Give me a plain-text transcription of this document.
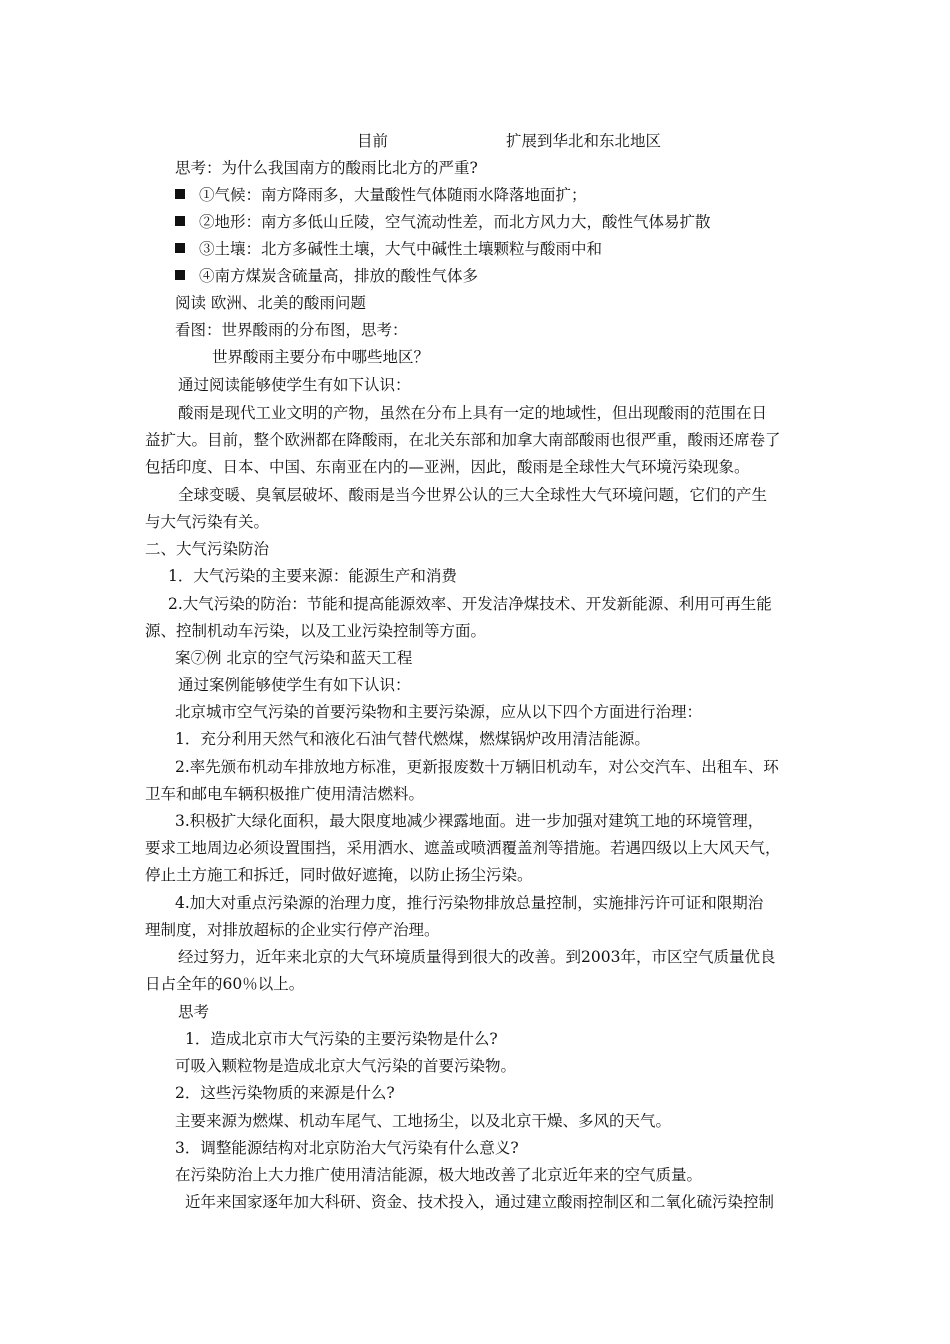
目前	扩展到华北和东北地区
思考：为什么我国南方的酸雨比北方的严重?
①气候：南方降雨多，大量酸性气体随雨水降落地面扩；
②地形：南方多低山丘陵，空气流动性差，而北方风力大，酸性气体易扩散
③土壤：北方多碱性土壤，大气中碱性土壤颗粒与酸雨中和
④南方煤炭含硫量高，排放的酸性气体多
阅读 欧洲、北美的酸雨问题
看图：世界酸雨的分布图，思考：
世界酸雨主要分布中哪些地区？
通过阅读能够使学生有如下认识：
酸雨是现代工业文明的产物，虽然在分布上具有一定的地域性，但出现酸雨的范围在日
益扩大。目前，整个欧洲都在降酸雨，在北关东部和加拿大南部酸雨也很严重，酸雨还席卷了
包括印度、日本、中国、东南亚在内的—亚洲，因此，酸雨是全球性大气环境污染现象。
全球变暖、臭氧层破坏、酸雨是当今世界公认的三大全球性大气环境问题，它们的产生
与大气污染有关。
二、大气污染防治
1．大气污染的主要来源：能源生产和消费
2.大气污染的防治：节能和提高能源效率、开发洁净煤技术、开发新能源、利用可再生能
源、控制机动车污染，以及工业污染控制等方面。
案⑦例 北京的空气污染和蓝天工程
通过案例能够使学生有如下认识：
北京城市空气污染的首要污染物和主要污染源，应从以下四个方面进行治理：
1．充分利用天然气和液化石油气替代燃煤，燃煤锅炉改用清洁能源。
2.率先颁布机动车排放地方标准，更新报废数十万辆旧机动车，对公交汽车、出租车、环
卫车和邮电车辆积极推广使用清洁燃料。
3.积极扩大绿化面积，最大限度地减少裸露地面。进一步加强对建筑工地的环境管理，
要求工地周边必须设置围挡，采用洒水、遮盖或喷洒覆盖剂等措施。若遇四级以上大风天气，
停止土方施工和拆迁，同时做好遮掩，以防止扬尘污染。
4.加大对重点污染源的治理力度，推行污染物排放总量控制，实施排污许可证和限期治
理制度，对排放超标的企业实行停产治理。
经过努力，近年来北京的大气环境质量得到很大的改善。到2003年，市区空气质量优良
日占全年的60％以上。
思考
1．造成北京市大气污染的主要污染物是什么?
可吸入颗粒物是造成北京大气污染的首要污染物。
2．这些污染物质的来源是什么?
主要来源为燃煤、机动车尾气、工地扬尘，以及北京干燥、多风的天气。
3．调整能源结构对北京防治大气污染有什么意义?
在污染防治上大力推广使用清洁能源，极大地改善了北京近年来的空气质量。
近年来国家逐年加大科研、资金、技术投入，通过建立酸雨控制区和二氧化硫污染控制
